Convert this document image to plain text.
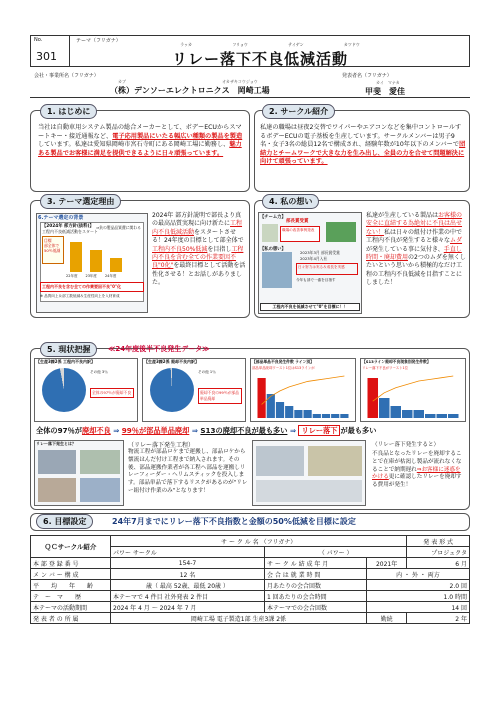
No.
301
テーマ（フリガナ）
ラッカ	フリョウ	テイゲン	カツドウ
リレー落下不良低減活動
会社・事業所名（フリガナ）
カブ	オカザキコウジョウ
（株）デンソーエレクトロニクス　岡崎工場
発表者名（フリガナ）
カイ　マナカ
甲斐　愛佳
1. はじめに
当社は自動車用システム製品の総合メーカーとして、ボデーECUからスマートキー・接近通報など、電子応用製品にいたる幅広い種類の製品を製造しています。私達は愛知県岡崎市宮石寺町にある岡崎工場に勤務し、魅力ある製品でお客様に満足を提供できるように日々頑張っています。
2. サークル紹介
私達の職場は昼夜2交替でワイパーやエアコンなどを集中コントロールするボデーECUの電子基板を生産しています。サークルメンバーは男子9名・女子3名の総員12名で構成され、経験年数が10年以下のメンバーで団結力とチームワークで大きな力を生み出し、全員の力を合せて問題解決に向けて頑張っています。
3. テーマ選定理由
6.テーマ選定の背景
【2024年 部方針(抜粋)】
工程内不良低減活動をスタート
⇒負の製品品質費に関わる
目標
部全体で
50％低減
22年度 23年度 24年度
工程内不良を含む全ての作業要因不良"0"化
※ 品質向上＆部工数低減＆生産性向上を入材育成
2024年 部方針説明で部長より真の最高品質実現に向け新たに工程内不良低減活動をスタートさせる！24年度の目標として部全体で工程内不良50%低減を目指し工程内不良を含む全ての作業要因不良"0化"を最終目標として活動を活性化させる！とお話しがありました。
4. 私の想い
【チーム力】
部長賞受賞
職場の改善事例発表
【私の想い】
2023年3月 部長賞受賞
2023年4月入社
日々努力は実る＆成長を実感
今年も部で一番を目指す
工程内不良を低減させて"0"を目標に！！
私達が生産している製品はお客様の安全に直結する為絶対に不良は出せない！私は日々の組付け作業の中で工程内不良が発生すると様々なムダが発生している事に気付き、手直し時間・廃却費用の2つのムダを無くしたいという思いから積極的なだけ工程の工程内不良低減を目指すことにしました！
5. 現状把握	≪24年度後半不良発生データ≫
【生産3課2係 工程内不良内訳】
その他 3％
全体の97％が廃却不良
【生産3課2係 廃却不良内訳】
その他 1％
廃却不良の99％が部品単品廃却
【部品単品不良発生件数 ライン別】
部品単品廃却ワースト1位はS13ラインが
【S13ライン廃却不良現象別発生件数】
リレー落下不良がワースト1位
全体の97％が廃却不良 ⇒ 99％が部品単品廃却 ⇒ S13の廃却不良が最も多い ⇒ リレー落下 が最も多い
リレー落下発生とは？	（リレー落下発生工程）
物流工程が部品ロケまで運搬し、部品ロケから懐流はんだ付け工程まで納入されます。その後、部品運搬作業者が各工程へ部品を運搬しリレーフィーダー・ヘリムスティックを投入します。部品単品で落下するリスクがあるのが"リレー組付け作業のみ"となります！
（リレー落下発生すると）
不良品となったリレーを廃却することで在庫が枯渇し製品が流れなくなることで納期遅れ⇒お客様に迷惑をかける更に確認したリレーを廃却する費用が発生！
6. 目標設定	24年7月までにリレー落下不良指数と金額の50%低減を目標に設定
ＱＣサークル紹介	サ ー ク ル 名 （フリガナ）			発 表 形 式
	パワー サークル	（ パワー ）		プロジェクタ
本 部 登 録 番 号	154-7	サ ー ク ル 結 成 年 月	2021年	6 月
メ ン バ ー 構 成	12 名	会 合 は 就 業 時 間	内 ・ 外 ・ 両方	
平　　均　　年　　齢	歳（ 最高 52歳、最低 20歳 ）	月あたりの会合回数	2.0 回	
テ　ー　マ　　歴	本テーマで 4 件目 社外発表 2 件目	1 回あたりの会合時間	1.0 時間	
本テーマの活動期間	2024 年 4 月 ～ 2024 年 7 月	本テーマでの会合回数	14 回	
発 表 者 の 所 属	岡崎工場 電子製造1部 生産3課 2係		勤続	2 年
